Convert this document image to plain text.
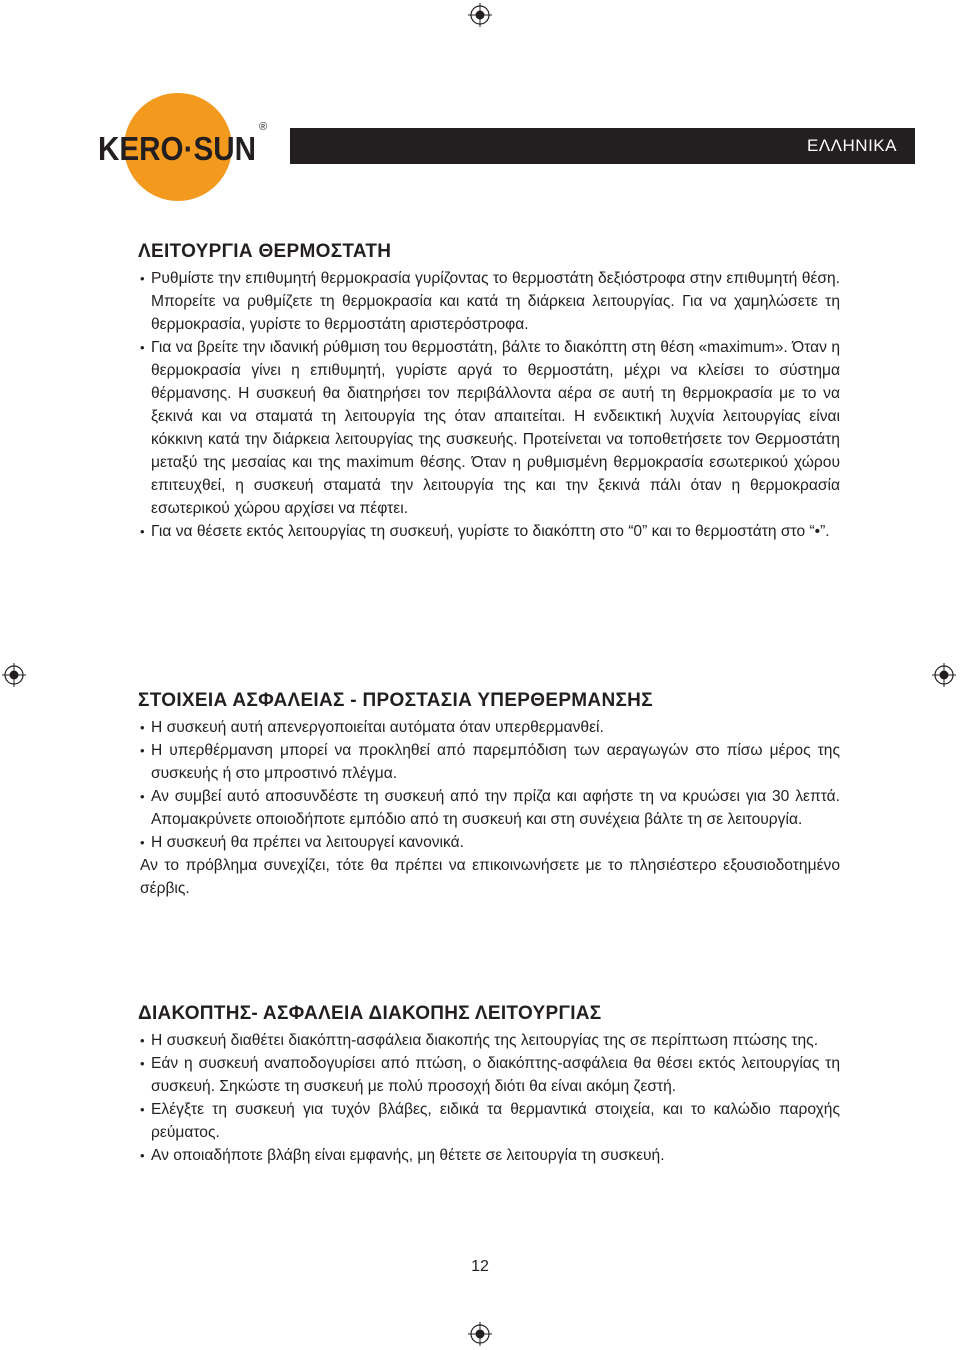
KERO·SUN
®
ΕΛΛΗΝΙΚΑ
ΛΕΙΤΟΥΡΓΙΑ ΘΕΡΜΟΣΤΑΤΗ
• Ρυθμίστε την επιθυμητή θερμοκρασία γυρίζοντας το θερμοστάτη δεξιόστροφα στην επιθυμητή θέση. Μπορείτε να ρυθμίζετε τη θερμοκρασία και κατά τη διάρκεια λειτουργίας. Για να χαμηλώσετε τη θερμοκρασία, γυρίστε το θερμοστάτη αριστερόστροφα.
• Για να βρείτε την ιδανική ρύθμιση του θερμοστάτη, βάλτε το διακόπτη στη θέση «maximum». Όταν η θερμοκρασία γίνει η επιθυμητή, γυρίστε αργά το θερμοστάτη, μέχρι να κλείσει το σύστημα θέρμανσης. Η συσκευή θα διατηρήσει τον περιβάλλοντα αέρα σε αυτή τη θερμοκρασία με το να ξεκινά και να σταματά τη λειτουργία της όταν απαιτείται. Η ενδεικτική λυχνία λειτουργίας είναι κόκκινη κατά την διάρκεια λειτουργίας της συσκευής. Προτείνεται να τοποθετήσετε τον Θερμοστάτη μεταξύ της μεσαίας και της maximum θέσης. Όταν η ρυθμισμένη θερμοκρασία εσωτερικού χώρου επιτευχθεί, η συσκευή σταματά την λειτουργία της και την ξεκινά πάλι όταν η θερμοκρασία εσωτερικού χώρου αρχίσει να πέφτει.
• Για να θέσετε εκτός λειτουργίας τη συσκευή, γυρίστε το διακόπτη στο “0” και το θερμοστάτη στο “•”.
ΣΤΟΙΧΕΙΑ ΑΣΦΑΛΕΙΑΣ - ΠΡΟΣΤΑΣΙΑ ΥΠΕΡΘΕΡΜΑΝΣΗΣ
• Η συσκευή αυτή απενεργοποιείται αυτόματα όταν υπερθερμανθεί.
• Η υπερθέρμανση μπορεί να προκληθεί από παρεμπόδιση των αεραγωγών στο πίσω μέρος της συσκευής ή στο μπροστινό πλέγμα.
• Αν συμβεί αυτό αποσυνδέστε τη συσκευή από την πρίζα και αφήστε τη να κρυώσει για 30 λεπτά. Απομακρύνετε οποιοδήποτε εμπόδιο από τη συσκευή και στη συνέχεια βάλτε τη σε λειτουργία.
• Η συσκευή θα πρέπει να λειτουργεί κανονικά.

Αν το πρόβλημα συνεχίζει, τότε θα πρέπει να επικοινωνήσετε με το πλησιέστερο εξουσιοδοτημένο σέρβις.

ΔΙΑΚΟΠΤΗΣ- ΑΣΦΑΛΕΙΑ ΔΙΑΚΟΠΗΣ ΛΕΙΤΟΥΡΓΙΑΣ
• Η συσκευή διαθέτει διακόπτη-ασφάλεια διακοπής της λειτουργίας της σε περίπτωση πτώσης της.
• Εάν η συσκευή αναποδογυρίσει από πτώση, ο διακόπτης-ασφάλεια θα θέσει εκτός λειτουργίας τη συσκευή. Σηκώστε τη συσκευή με πολύ προσοχή διότι θα είναι ακόμη ζεστή.
• Ελέγξτε τη συσκευή για τυχόν βλάβες, ειδικά τα θερμαντικά στοιχεία, και το καλώδιο παροχής ρεύματος.
• Αν οποιαδήποτε βλάβη είναι εμφανής, μη θέτετε σε λειτουργία τη συσκευή.
12
